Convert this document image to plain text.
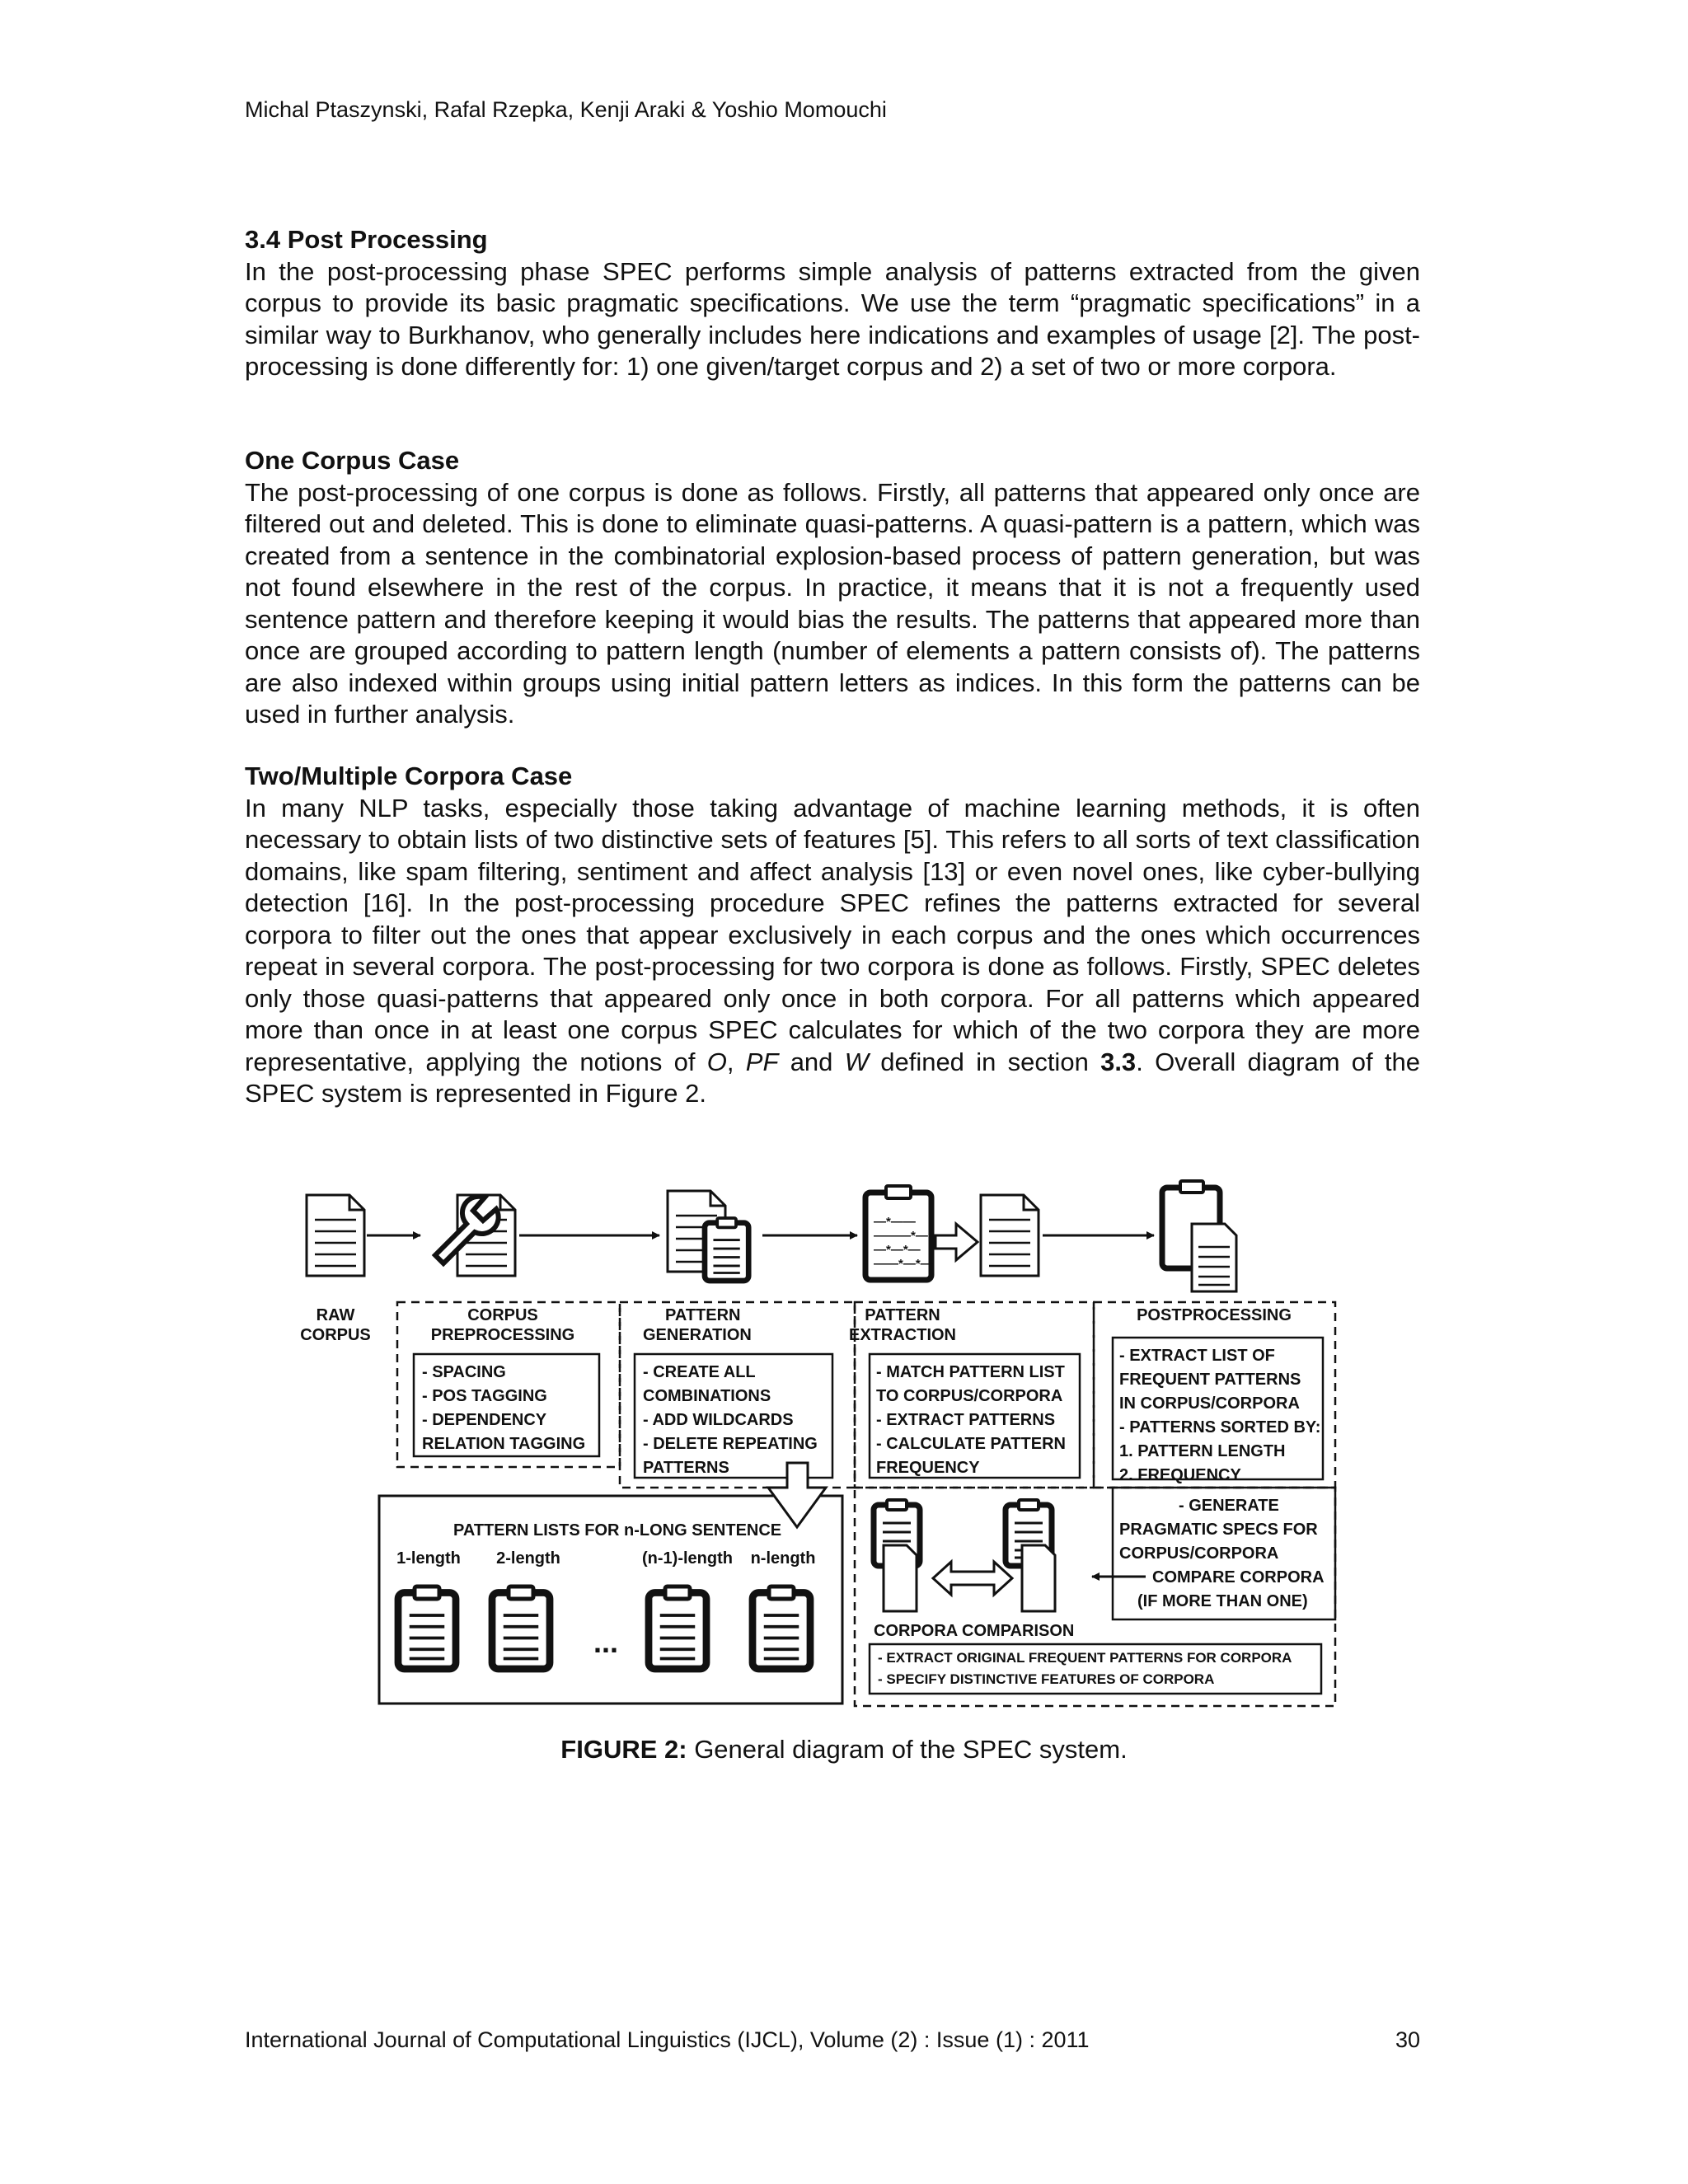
Michal Ptaszynski, Rafal Rzepka, Kenji Araki & Yoshio Momouchi
3.4 Post Processing

In the post-processing phase SPEC performs simple analysis of patterns extracted from the given corpus to provide its basic pragmatic specifications. We use the term “pragmatic specifications” in a similar way to Burkhanov, who generally includes here indications and examples of usage [2]. The post-processing is done differently for: 1) one given/target corpus and 2) a set of two or more corpora.

One Corpus Case

The post-processing of one corpus is done as follows. Firstly, all patterns that appeared only once are filtered out and deleted. This is done to eliminate quasi-patterns. A quasi-pattern is a pattern, which was created from a sentence in the combinatorial explosion-based process of pattern generation, but was not found elsewhere in the rest of the corpus. In practice, it means that it is not a frequently used sentence pattern and therefore keeping it would bias the results. The patterns that appeared more than once are grouped according to pattern length (number of elements a pattern consists of). The patterns are also indexed within groups using initial pattern letters as indices. In this form the patterns can be used in further analysis.

Two/Multiple Corpora Case

In many NLP tasks, especially those taking advantage of machine learning methods, it is often necessary to obtain lists of two distinctive sets of features [5]. This refers to all sorts of text classification domains, like spam filtering, sentiment and affect analysis [13] or even novel ones, like cyber-bullying detection [16]. In the post-processing procedure SPEC refines the patterns extracted for several corpora to filter out the ones that appear exclusively in each corpus and the ones which occurrences repeat in several corpora. The post-processing for two corpora is done as follows. Firstly, SPEC deletes only those quasi-patterns that appeared only once in both corpora. For all patterns which appeared more than once in at least one corpus SPEC calculates for which of the two corpora they are more representative, applying the notions of O, PF and W defined in section 3.3. Overall diagram of the SPEC system is represented in Figure 2.

—*——
———*—
—*—*—
——*—*—
RAW
CORPUS
CORPUS
PREPROCESSING
- SPACING
- POS TAGGING
- DEPENDENCY
RELATION TAGGING
PATTERN
GENERATION
- CREATE ALL
COMBINATIONS
- ADD WILDCARDS
- DELETE REPEATING
PATTERNS
PATTERN
EXTRACTION
- MATCH PATTERN LIST
TO CORPUS/CORPORA
- EXTRACT PATTERNS
- CALCULATE PATTERN
FREQUENCY
POSTPROCESSING
- EXTRACT LIST OF
FREQUENT PATTERNS
IN CORPUS/CORPORA
- PATTERNS SORTED BY:
1. PATTERN LENGTH
2. FREQUENCY
- GENERATE
PRAGMATIC SPECS FOR
CORPUS/CORPORA
COMPARE CORPORA
(IF MORE THAN ONE)
CORPORA COMPARISON
- EXTRACT ORIGINAL FREQUENT PATTERNS FOR CORPORA
- SPECIFY DISTINCTIVE FEATURES OF CORPORA
PATTERN LISTS FOR n-LONG SENTENCE
1-length 2-length	(n-1)-length n-length
...
FIGURE 2: General diagram of the SPEC system.
International Journal of Computational Linguistics (IJCL), Volume (2) : Issue (1) : 2011	30
